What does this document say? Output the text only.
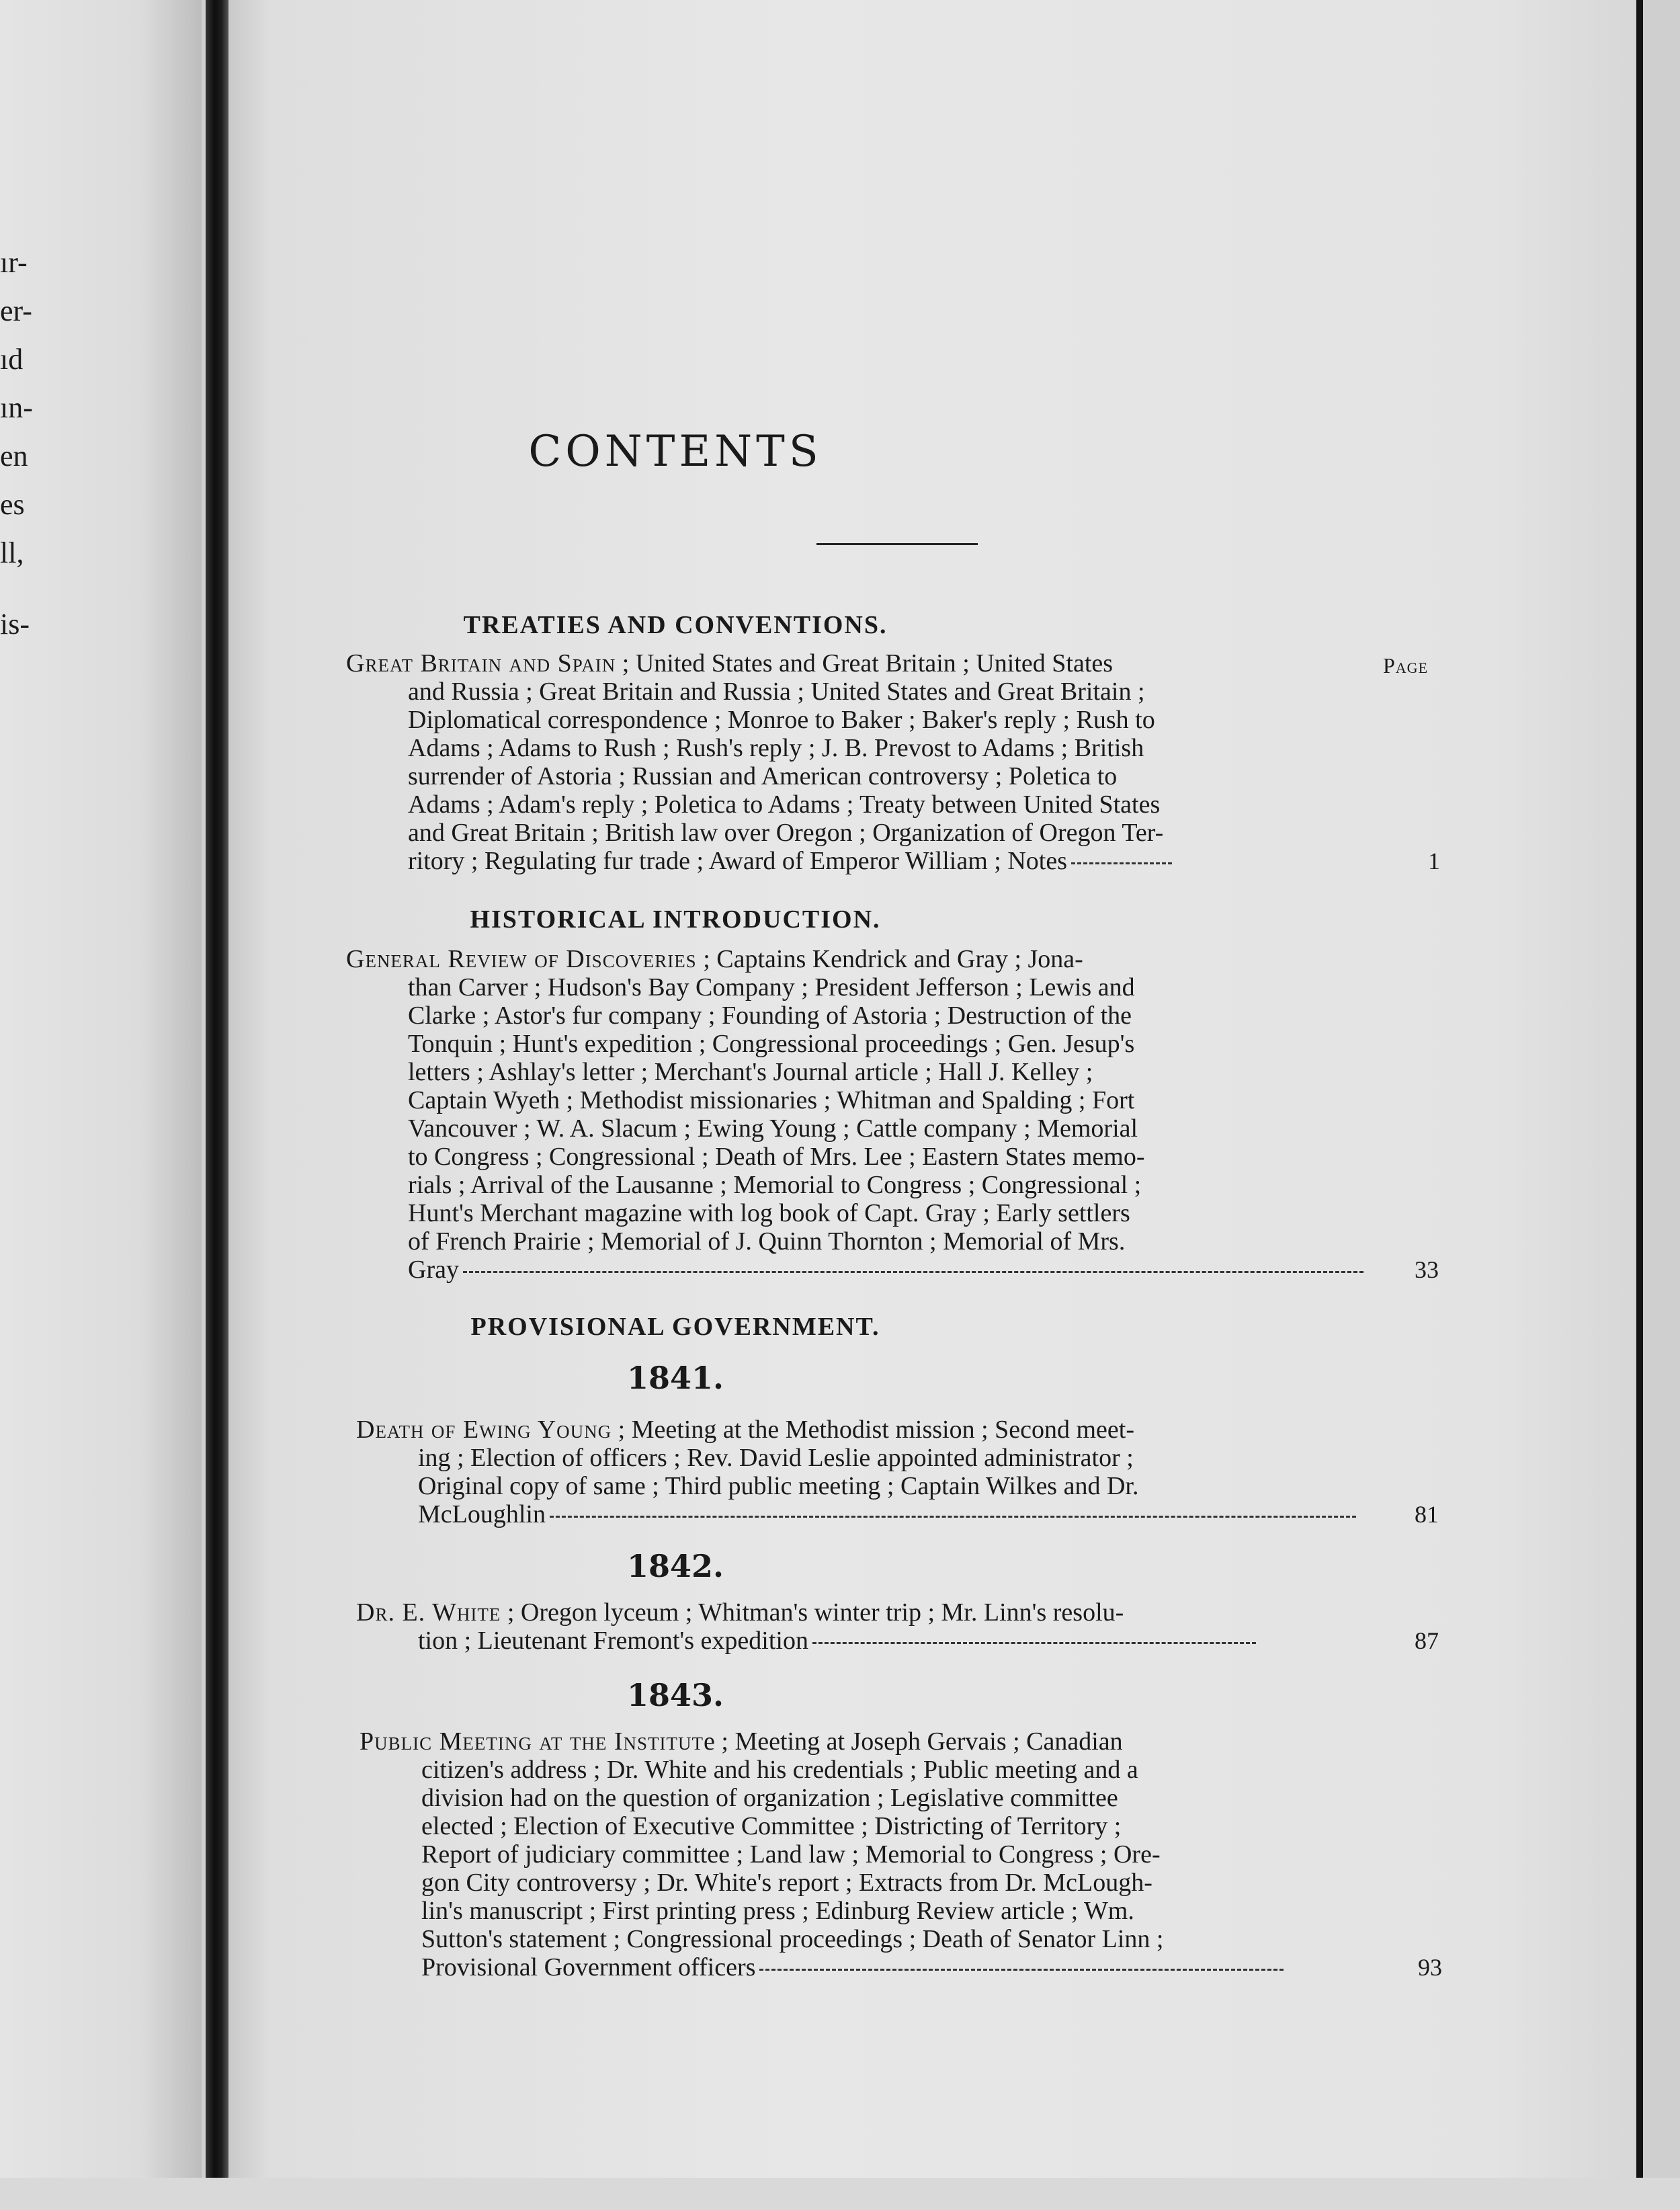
ır-
er-
ıd
ın-
en
es
ll,
is-
CONTENTS
TREATIES AND CONVENTIONS.
Page
Great Britain and Spain ; United States and Great Britain ; United States
and Russia ; Great Britain and Russia ; United States and Great Britain ;
Diplomatical correspondence ; Monroe to Baker ; Baker's reply ; Rush to
Adams ; Adams to Rush ; Rush's reply ; J. B. Prevost to Adams ; British
surrender of Astoria ; Russian and American controversy ; Poletica to
Adams ; Adam's reply ; Poletica to Adams ; Treaty between United States
and Great Britain ; British law over Oregon ; Organization of Oregon Ter-
ritory ; Regulating fur trade ; Award of Emperor William ; Notes	1
HISTORICAL INTRODUCTION.
General Review of Discoveries ; Captains Kendrick and Gray ; Jona-
than Carver ; Hudson's Bay Company ; President Jefferson ; Lewis and
Clarke ; Astor's fur company ; Founding of Astoria ; Destruction of the
Tonquin ; Hunt's expedition ; Congressional proceedings ; Gen. Jesup's
letters ; Ashlay's letter ; Merchant's Journal article ; Hall J. Kelley ;
Captain Wyeth ; Methodist missionaries ; Whitman and Spalding ; Fort
Vancouver ; W. A. Slacum ; Ewing Young ; Cattle company ; Memorial
to Congress ; Congressional ; Death of Mrs. Lee ; Eastern States memo-
rials ; Arrival of the Lausanne ; Memorial to Congress ; Congressional ;
Hunt's Merchant magazine with log book of Capt. Gray ; Early settlers
of French Prairie ; Memorial of J. Quinn Thornton ; Memorial of Mrs.
Gray	33
PROVISIONAL GOVERNMENT.
1841.
Death of Ewing Young ; Meeting at the Methodist mission ; Second meet-
ing ; Election of officers ; Rev. David Leslie appointed administrator ;
Original copy of same ; Third public meeting ; Captain Wilkes and Dr.
McLoughlin	81
1842.
Dr. E. White ; Oregon lyceum ; Whitman's winter trip ; Mr. Linn's resolu-
tion ; Lieutenant Fremont's expedition	87
1843.
Public Meeting at the Institute ; Meeting at Joseph Gervais ; Canadian
citizen's address ; Dr. White and his credentials ; Public meeting and a
division had on the question of organization ; Legislative committee
elected ; Election of Executive Committee ; Districting of Territory ;
Report of judiciary committee ; Land law ; Memorial to Congress ; Ore-
gon City controversy ; Dr. White's report ; Extracts from Dr. McLough-
lin's manuscript ; First printing press ; Edinburg Review article ; Wm.
Sutton's statement ; Congressional proceedings ; Death of Senator Linn ;
Provisional Government officers	93
